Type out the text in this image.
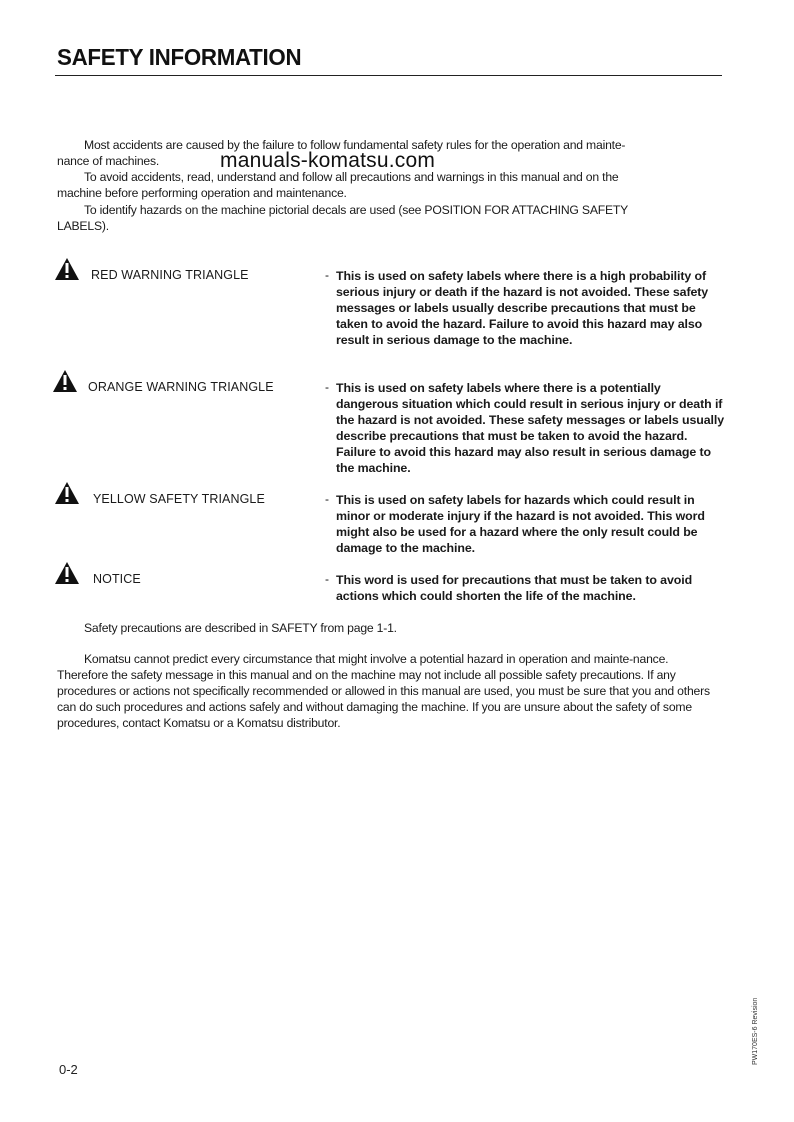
SAFETY INFORMATION
Most accidents are caused by the failure to follow fundamental safety rules for the operation and mainte-
nance of machines.	manuals-komatsu.com
To avoid accidents, read, understand and follow all precautions and warnings in this manual and on the
machine before performing operation and maintenance.
To identify hazards on the machine pictorial decals are used (see POSITION FOR ATTACHING SAFETY
LABELS).
RED WARNING TRIANGLE	- This is used on safety labels where there is a high probability of serious injury or death if the hazard is not avoided. These safety messages or labels usually describe precautions that must be taken to avoid the hazard. Failure to avoid this hazard may also result in serious damage to the machine.
ORANGE WARNING TRIANGLE	- This is used on safety labels where there is a potentially dangerous situation which could result in serious injury or death if the hazard is not avoided. These safety messages or labels usually describe precautions that must be taken to avoid the hazard. Failure to avoid this hazard may also result in serious damage to the machine.
YELLOW SAFETY TRIANGLE	- This is used on safety labels for hazards which could result in minor or moderate injury if the hazard is not avoided. This word might also be used for a hazard where the only result could be damage to the machine.
NOTICE	- This word is used for precautions that must be taken to avoid actions which could shorten the life of the machine.
Safety precautions are described in SAFETY from page 1-1.
Komatsu cannot predict every circumstance that might involve a potential hazard in operation and mainte-nance. Therefore the safety message in this manual and on the machine may not include all possible safety precautions. If any procedures or actions not specifically recommended or allowed in this manual are used, you must be sure that you and others can do such procedures and actions safely and without damaging the machine. If you are unsure about the safety of some procedures, contact Komatsu or a Komatsu distributor.
0-2
PW170ES-6 Revision
